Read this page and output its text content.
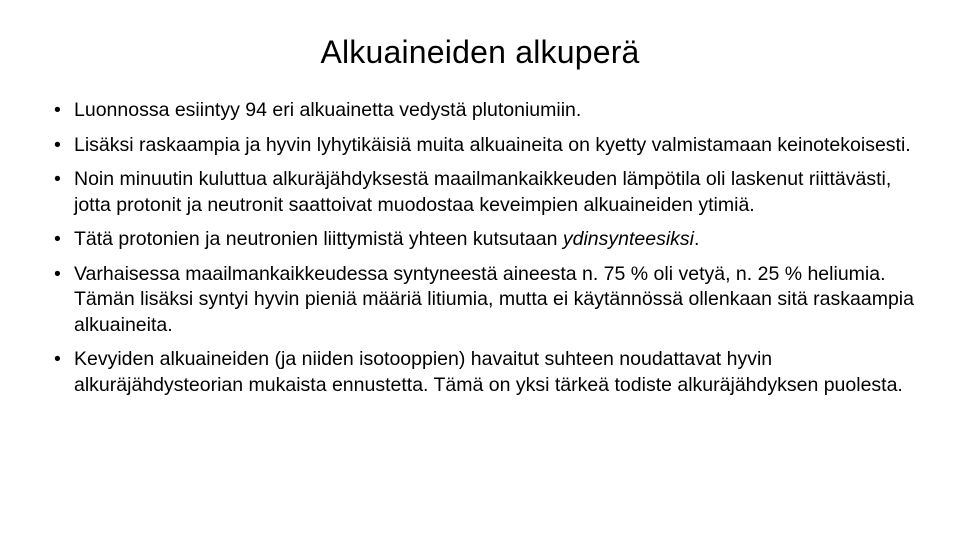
Alkuaineiden alkuperä
• Luonnossa esiintyy 94 eri alkuainetta vedystä plutoniumiin.
• Lisäksi raskaampia ja hyvin lyhytikäisiä muita alkuaineita on kyetty valmistamaan keinotekoisesti.
• Noin minuutin kuluttua alkuräjähdyksestä maailmankaikkeuden lämpötila oli laskenut riittävästi, jotta protonit ja neutronit saattoivat muodostaa keveimpien alkuaineiden ytimiä.
• Tätä protonien ja neutronien liittymistä yhteen kutsutaan ydinsynteesiksi.
• Varhaisessa maailmankaikkeudessa syntyneestä aineesta n. 75 % oli vetyä, n. 25 % heliumia. Tämän lisäksi syntyi hyvin pieniä määriä litiumia, mutta ei käytännössä ollenkaan sitä raskaampia alkuaineita.
• Kevyiden alkuaineiden (ja niiden isotooppien) havaitut suhteen noudattavat hyvin alkuräjähdysteorian mukaista ennustetta. Tämä on yksi tärkeä todiste alkuräjähdyksen puolesta.
